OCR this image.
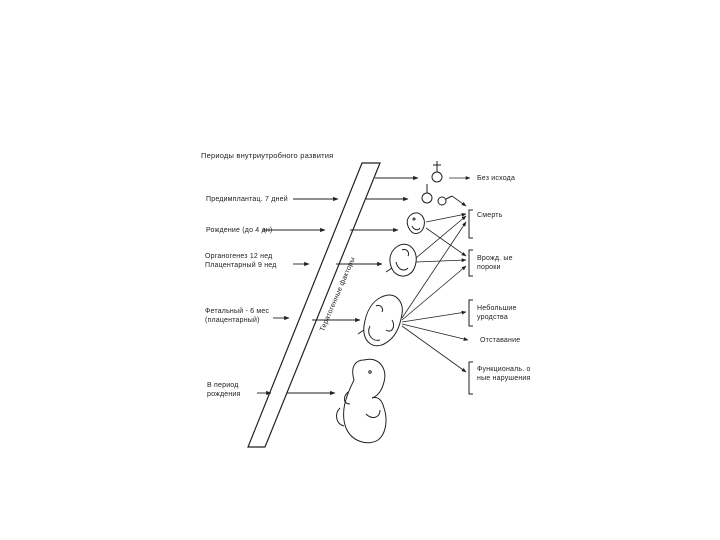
Периоды внутриутробного развития
Тератогенные факторы
Предимплантац. 7 дней
Рождение (до 4 дн)
Органогенез 12 нед
Плацентарный 9 нед
Фетальный - 6 мес
(плацентарный)
В период
рождения
Без исхода
Смерть
Врожд. ые
пороки
Небольшие
уродства
Отставание
Функциональ. о
ные нарушения
